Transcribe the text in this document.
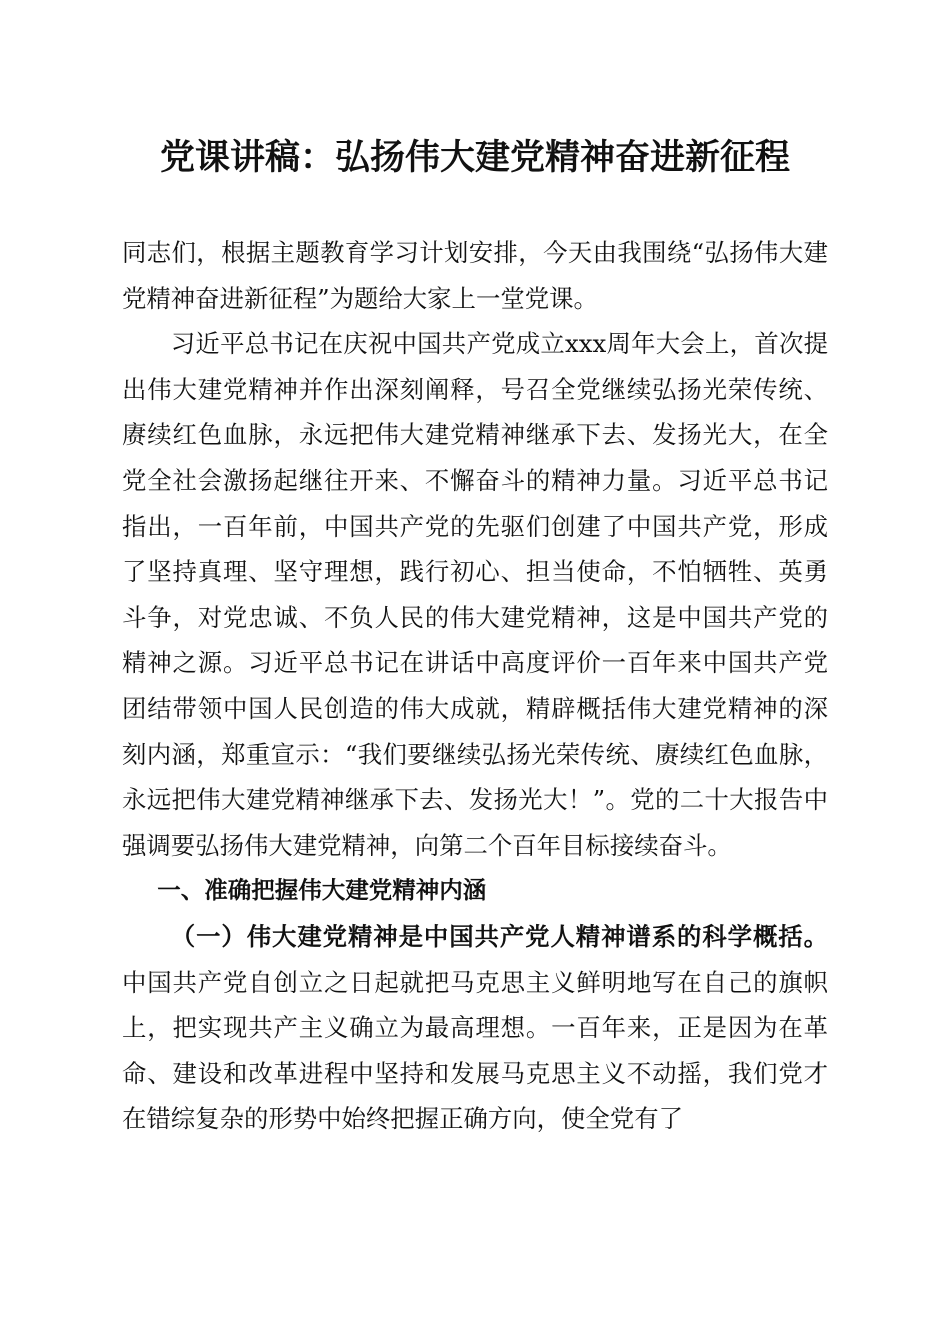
党课讲稿：弘扬伟大建党精神奋进新征程

同志们，根据主题教育学习计划安排，今天由我围绕“弘扬伟大建党精神奋进新征程”为题给大家上一堂党课。

习近平总书记在庆祝中国共产党成立xxx周年大会上，首次提出伟大建党精神并作出深刻阐释，号召全党继续弘扬光荣传统、赓续红色血脉，永远把伟大建党精神继承下去、发扬光大，在全党全社会激扬起继往开来、不懈奋斗的精神力量。习近平总书记指出，一百年前，中国共产党的先驱们创建了中国共产党，形成了坚持真理、坚守理想，践行初心、担当使命，不怕牺牲、英勇斗争，对党忠诚、不负人民的伟大建党精神，这是中国共产党的精神之源。习近平总书记在讲话中高度评价一百年来中国共产党团结带领中国人民创造的伟大成就，精辟概括伟大建党精神的深刻内涵，郑重宣示：“我们要继续弘扬光荣传统、赓续红色血脉，永远把伟大建党精神继承下去、发扬光大！”。党的二十大报告中强调要弘扬伟大建党精神，向第二个百年目标接续奋斗。

一、准确把握伟大建党精神内涵

（一）伟大建党精神是中国共产党人精神谱系的科学概括。中国共产党自创立之日起就把马克思主义鲜明地写在自己的旗帜上，把实现共产主义确立为最高理想。一百年来，正是因为在革命、建设和改革进程中坚持和发展马克思主义不动摇，我们党才在错综复杂的形势中始终把握正确方向，使全党有了
